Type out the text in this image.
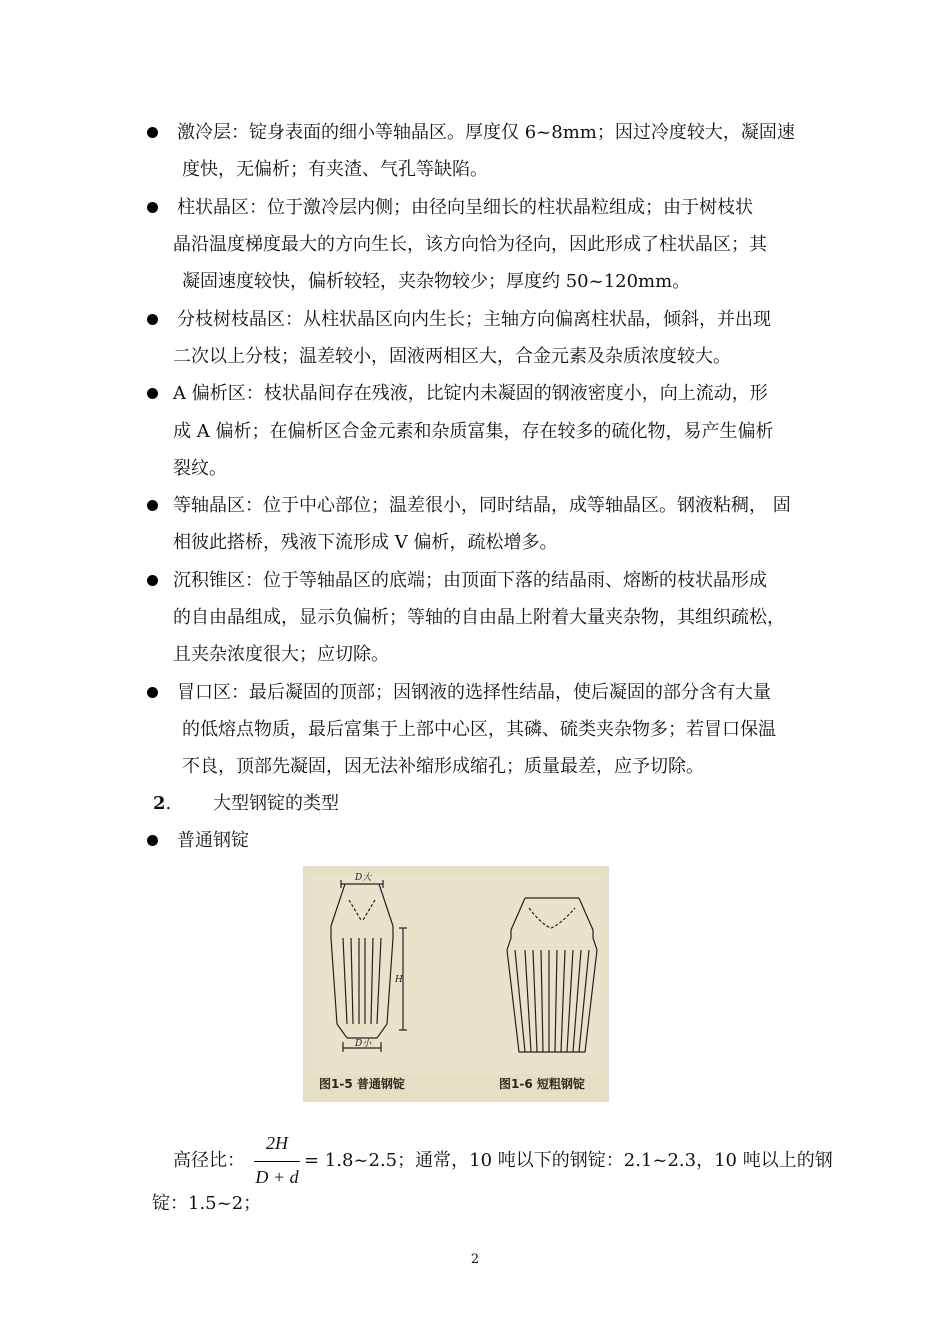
激冷层：锭身表面的细小等轴晶区。厚度仅 6~8mm；因过冷度较大，凝固速
度快，无偏析；有夹渣、气孔等缺陷。
柱状晶区：位于激冷层内侧；由径向呈细长的柱状晶粒组成；由于树枝状
晶沿温度梯度最大的方向生长，该方向恰为径向，因此形成了柱状晶区；其
凝固速度较快，偏析较轻，夹杂物较少；厚度约 50~120mm。
分枝树枝晶区：从柱状晶区向内生长；主轴方向偏离柱状晶，倾斜，并出现
二次以上分枝；温差较小，固液两相区大，合金元素及杂质浓度较大。
A 偏析区：枝状晶间存在残液，比锭内未凝固的钢液密度小，向上流动，形
成 A 偏析；在偏析区合金元素和杂质富集，存在较多的硫化物，易产生偏析
裂纹。
等轴晶区：位于中心部位；温差很小，同时结晶，成等轴晶区。钢液粘稠， 固
相彼此搭桥，残液下流形成 V 偏析，疏松增多。
沉积锥区：位于等轴晶区的底端；由顶面下落的结晶雨、熔断的枝状晶形成
的自由晶组成，显示负偏析；等轴的自由晶上附着大量夹杂物，其组织疏松，
且夹杂浓度很大；应切除。
冒口区：最后凝固的顶部；因钢液的选择性结晶，使后凝固的部分含有大量
的低熔点物质，最后富集于上部中心区，其磷、硫类夹杂物多；若冒口保温
不良，顶部先凝固，因无法补缩形成缩孔；质量最差，应予切除。
2. 大型钢锭的类型
普通钢锭
D大
D小
H
图1-5 普通钢锭	图1-6 短粗钢锭
高径比：
2H
D + d
= 1.8~2.5；通常，10 吨以下的钢锭：2.1~2.3，10 吨以上的钢
锭：1.5~2；
2
